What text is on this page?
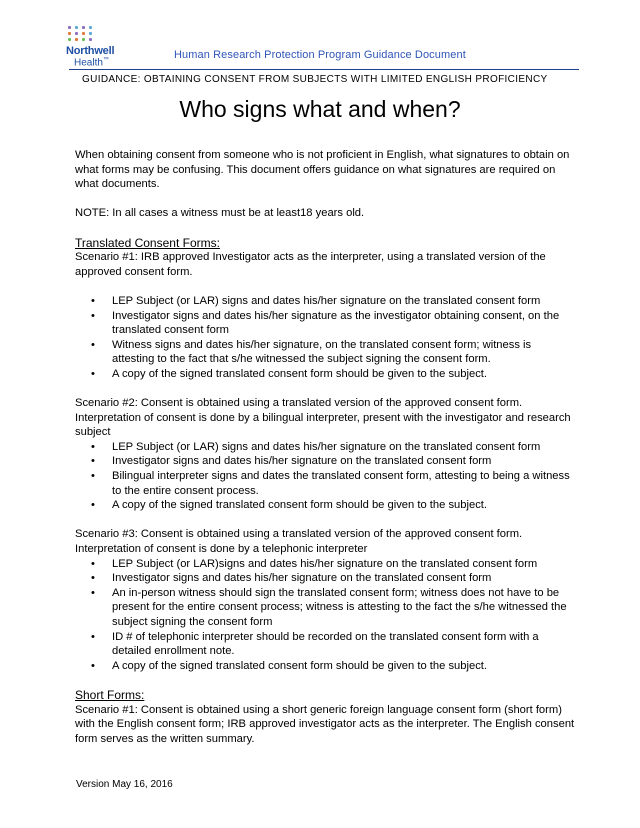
Northwell
Health™	Human Research Protection Program Guidance Document
GUIDANCE: OBTAINING CONSENT FROM SUBJECTS WITH LIMITED ENGLISH PROFICIENCY
Who signs what and when?

When obtaining consent from someone who is not proficient in English, what signatures to obtain on what forms may be confusing. This document offers guidance on what signatures are required on what documents.

NOTE: In all cases a witness must be at least18 years old.

Translated Consent Forms:

Scenario #1: IRB approved Investigator acts as the interpreter, using a translated version of the approved consent form.

• LEP Subject (or LAR) signs and dates his/her signature on the translated consent form
• Investigator signs and dates his/her signature as the investigator obtaining consent, on the translated consent form
• Witness signs and dates his/her signature, on the translated consent form; witness is attesting to the fact that s/he witnessed the subject signing the consent form.
• A copy of the signed translated consent form should be given to the subject.

Scenario #2: Consent is obtained using a translated version of the approved consent form. Interpretation of consent is done by a bilingual interpreter, present with the investigator and research subject

• LEP Subject (or LAR) signs and dates his/her signature on the translated consent form
• Investigator signs and dates his/her signature on the translated consent form
• Bilingual interpreter signs and dates the translated consent form, attesting to being a witness to the entire consent process.
• A copy of the signed translated consent form should be given to the subject.

Scenario #3: Consent is obtained using a translated version of the approved consent form. Interpretation of consent is done by a telephonic interpreter

• LEP Subject (or LAR)signs and dates his/her signature on the translated consent form
• Investigator signs and dates his/her signature on the translated consent form
• An in-person witness should sign the translated consent form; witness does not have to be present for the entire consent process; witness is attesting to the fact the s/he witnessed the subject signing the consent form
• ID # of telephonic interpreter should be recorded on the translated consent form with a detailed enrollment note.
• A copy of the signed translated consent form should be given to the subject.

Short Forms:

Scenario #1: Consent is obtained using a short generic foreign language consent form (short form) with the English consent form; IRB approved investigator acts as the interpreter. The English consent form serves as the written summary.

Version May 16, 2016
